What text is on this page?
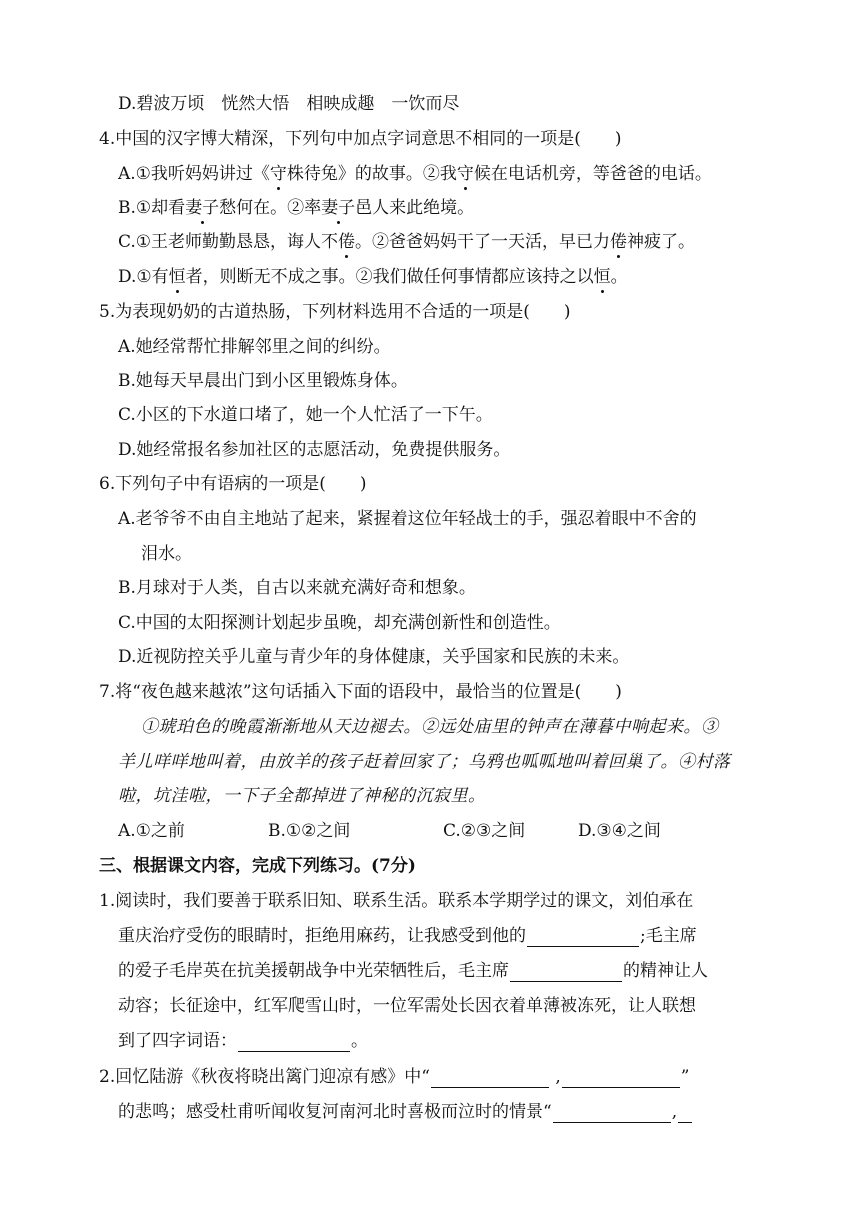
D.碧波万顷　恍然大悟　相映成趣　一饮而尽
4.中国的汉字博大精深，下列句中加点字词意思不相同的一项是(　　)
A.①我听妈妈讲过《守株待兔》的故事。②我守候在电话机旁，等爸爸的电话。
B.①却看妻子愁何在。②率妻子邑人来此绝境。
C.①王老师勤勤恳恳，诲人不倦。②爸爸妈妈干了一天活，早已力倦神疲了。
D.①有恒者，则断无不成之事。②我们做任何事情都应该持之以恒。
5.为表现奶奶的古道热肠，下列材料选用不合适的一项是(　　)
A.她经常帮忙排解邻里之间的纠纷。
B.她每天早晨出门到小区里锻炼身体。
C.小区的下水道口堵了，她一个人忙活了一下午。
D.她经常报名参加社区的志愿活动，免费提供服务。
6.下列句子中有语病的一项是(　　)
A.老爷爷不由自主地站了起来，紧握着这位年轻战士的手，强忍着眼中不舍的
泪水。
B.月球对于人类，自古以来就充满好奇和想象。
C.中国的太阳探测计划起步虽晚，却充满创新性和创造性。
D.近视防控关乎儿童与青少年的身体健康，关乎国家和民族的未来。
7.将“夜色越来越浓”这句话插入下面的语段中，最恰当的位置是(　　)
①琥珀色的晚霞渐渐地从天边褪去。②远处庙里的钟声在薄暮中响起来。③
羊儿咩咩地叫着，由放羊的孩子赶着回家了；乌鸦也呱呱地叫着回巢了。④村落
啦，坑洼啦，一下子全都掉进了神秘的沉寂里。
A.①之前	B.①②之间	C.②③之间	D.③④之间
三、根据课文内容，完成下列练习。(7分)
1.阅读时，我们要善于联系旧知、联系生活。联系本学期学过的课文，刘伯承在
重庆治疗受伤的眼睛时，拒绝用麻药，让我感受到他的	;毛主席
的爱子毛岸英在抗美援朝战争中光荣牺牲后，毛主席	的精神让人
动容；长征途中，红军爬雪山时，一位军需处长因衣着单薄被冻死，让人联想
到了四字词语：	。
2.回忆陆游《秋夜将晓出篱门迎凉有感》中“	,	”
的悲鸣；感受杜甫听闻收复河南河北时喜极而泣时的情景“	,
